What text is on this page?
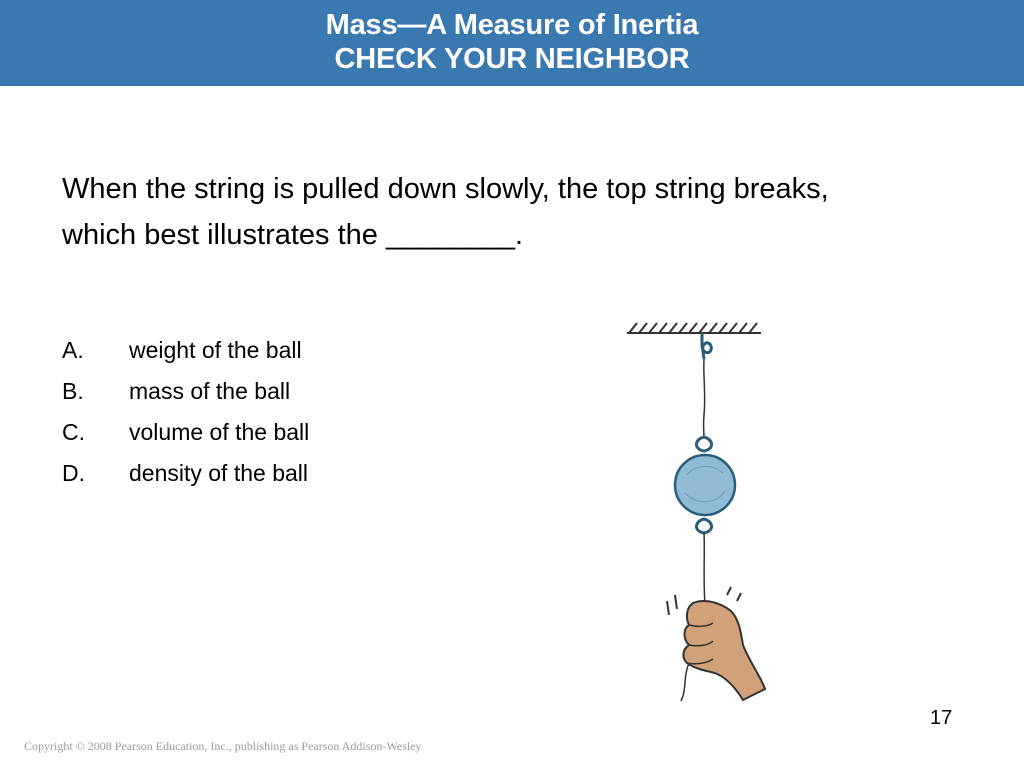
Mass—A Measure of Inertia
CHECK YOUR NEIGHBOR

When the string is pulled down slowly, the top string breaks, which best illustrates the ________.

A.	weight of the ball
B.	mass of the ball
C.	volume of the ball
D.	density of the ball
17
Copyright © 2008 Pearson Education, Inc., publishing as Pearson Addison-Wesley
